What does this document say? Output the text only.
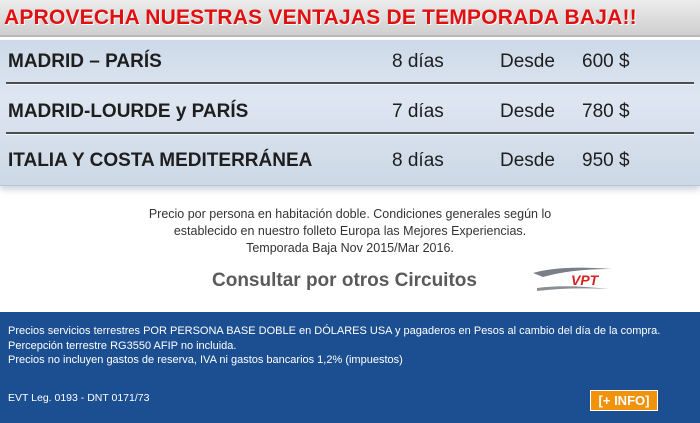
APROVECHA NUESTRAS VENTAJAS DE TEMPORADA BAJA!!
MADRID – PARÍS	8 días	Desde 600 $
MADRID-LOURDE y PARÍS	7 días	Desde 780 $
ITALIA Y COSTA MEDITERRÁNEA	8 días	Desde 950 $
Precio por persona en habitación doble. Condiciones generales según lo
establecido en nuestro folleto Europa las Mejores Experiencias.
Temporada Baja Nov 2015/Mar 2016.
Consultar por otros Circuitos	VPT
Precios servicios terrestres POR PERSONA BASE DOBLE en DÓLARES USA y pagaderos en Pesos al cambio del día de la compra.
Percepción terrestre RG3550 AFIP no incluida.
Precios no incluyen gastos de reserva, IVA ni gastos bancarios 1,2% (impuestos)
EVT Leg. 0193 - DNT 0171/73	[+ INFO]
